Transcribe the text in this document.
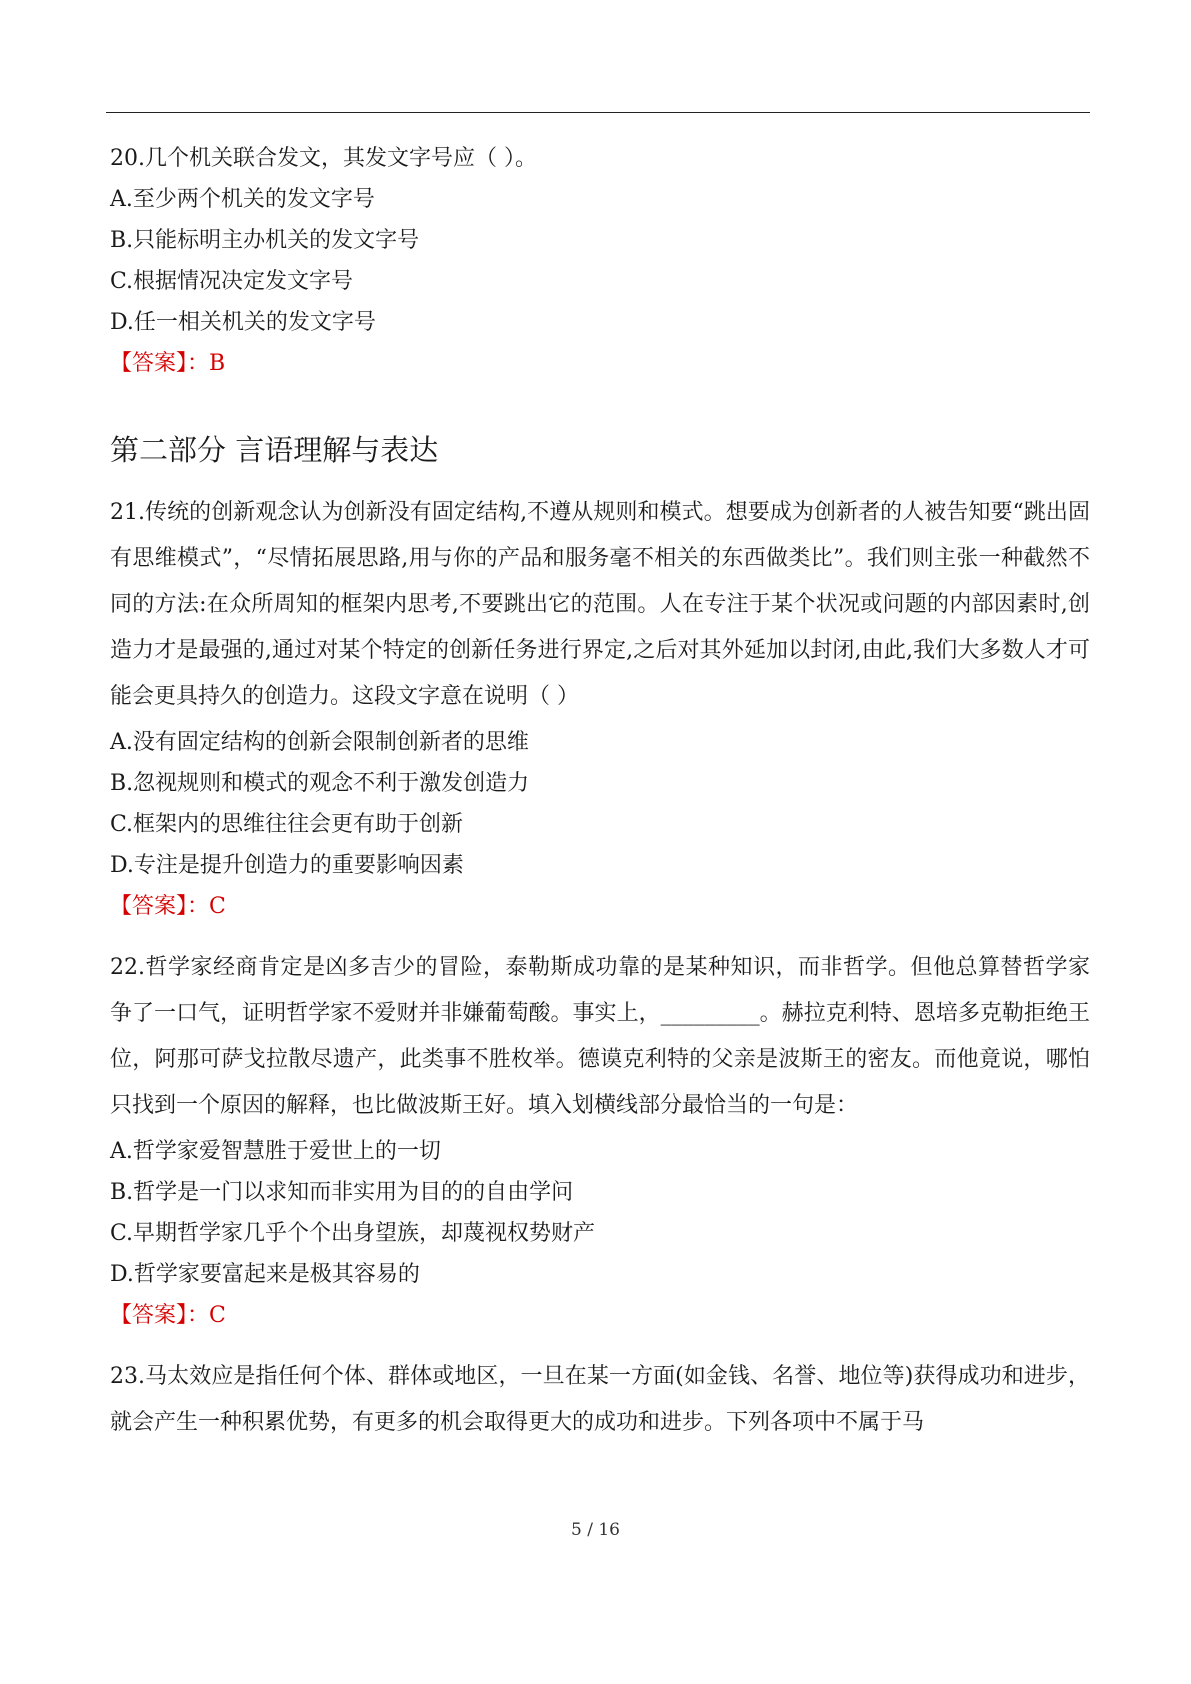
20.几个机关联合发文，其发文字号应（ ）。
A.至少两个机关的发文字号
B.只能标明主办机关的发文字号
C.根据情况决定发文字号
D.任一相关机关的发文字号
【答案】：B
第二部分 言语理解与表达
21.传统的创新观念认为创新没有固定结构,不遵从规则和模式。想要成为创新者的人被告知要“跳出固有思维模式”，“尽情拓展思路,用与你的产品和服务毫不相关的东西做类比”。我们则主张一种截然不同的方法:在众所周知的框架内思考,不要跳出它的范围。人在专注于某个状况或问题的内部因素时,创造力才是最强的,通过对某个特定的创新任务进行界定,之后对其外延加以封闭,由此,我们大多数人才可能会更具持久的创造力。这段文字意在说明（ ）
A.没有固定结构的创新会限制创新者的思维
B.忽视规则和模式的观念不利于激发创造力
C.框架内的思维往往会更有助于创新
D.专注是提升创造力的重要影响因素
【答案】：C
22.哲学家经商肯定是凶多吉少的冒险，泰勒斯成功靠的是某种知识，而非哲学。但他总算替哲学家争了一口气，证明哲学家不爱财并非嫌葡萄酸。事实上，_________。赫拉克利特、恩培多克勒拒绝王位，阿那可萨戈拉散尽遗产，此类事不胜枚举。德谟克利特的父亲是波斯王的密友。而他竟说，哪怕只找到一个原因的解释，也比做波斯王好。填入划横线部分最恰当的一句是：
A.哲学家爱智慧胜于爱世上的一切
B.哲学是一门以求知而非实用为目的的自由学问
C.早期哲学家几乎个个出身望族，却蔑视权势财产
D.哲学家要富起来是极其容易的
【答案】：C
23.马太效应是指任何个体、群体或地区，一旦在某一方面(如金钱、名誉、地位等)获得成功和进步，就会产生一种积累优势，有更多的机会取得更大的成功和进步。下列各项中不属于马
5 / 16
